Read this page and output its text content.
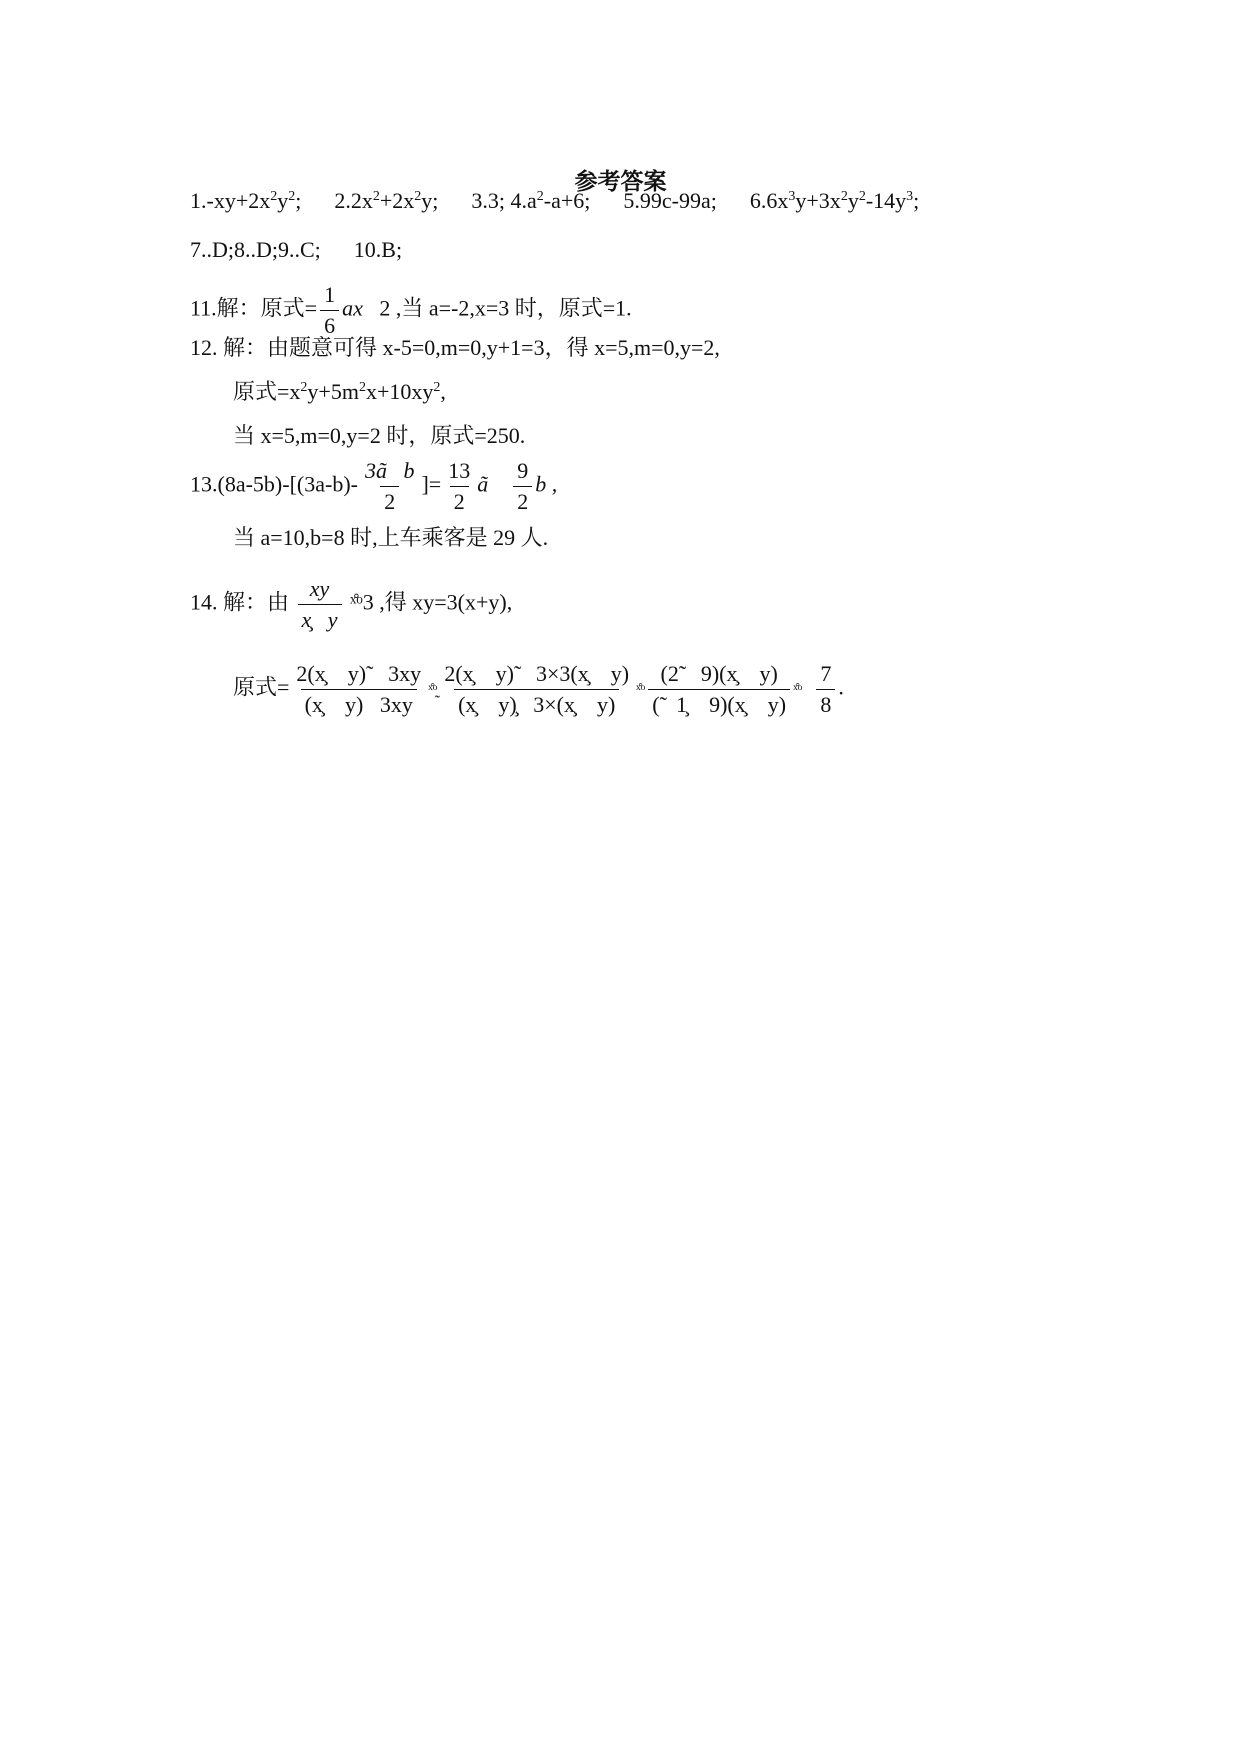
参考答案
$1.-xy+2x^2y^2$; $2.2x^2+2x^2y$; 3.3; $4.a^2-a+6$; 5.99c-99a; $6.6x^3y+3x^2y^2-14y^3$;
7..D;8..D;9..C; 10.B;
11.解：原式= $\frac{1}{6}$ ax 2 ,当 a=-2,x=3 时，原式=1.
12. 解：由题意可得 x-5=0,m=0,y+1=3，得 x=5,m=0,y=2,
原式$=x^2y+5m^2x+10xy^2$,
当 x=5,m=0,y=2 时，原式=250.
$13.(8a-5b)-[(3a-b)- \frac{\text{3ã   b}}{2}$ ]= $\frac{13}{2}$ ã $\frac{9}{2}$ b ,
当 a=10,b=8 时,上车乘客是 29 人.
14. 解：由 $\frac{xy}{x̧ y}$ ˣ̊ᵒ3 ,得 xy=3(x+y),
原式= $\frac{2(x̧ y)̃ 3xy}{(x̧ y) 3xy}$ ˣ̊ᵒ̰ $\frac{2(x̧ y)̃ 3\times 3(x̧ y)}{(x̧ y)̧ 3\times(x̧ y)}$ ˣ̊ᵒ $\frac{(2̃ 9)(x̧ y)}{(̃ 1̧ 9)(x̧ y)}$ ˣ̊ᵒ $\frac{7}{8}$ .
